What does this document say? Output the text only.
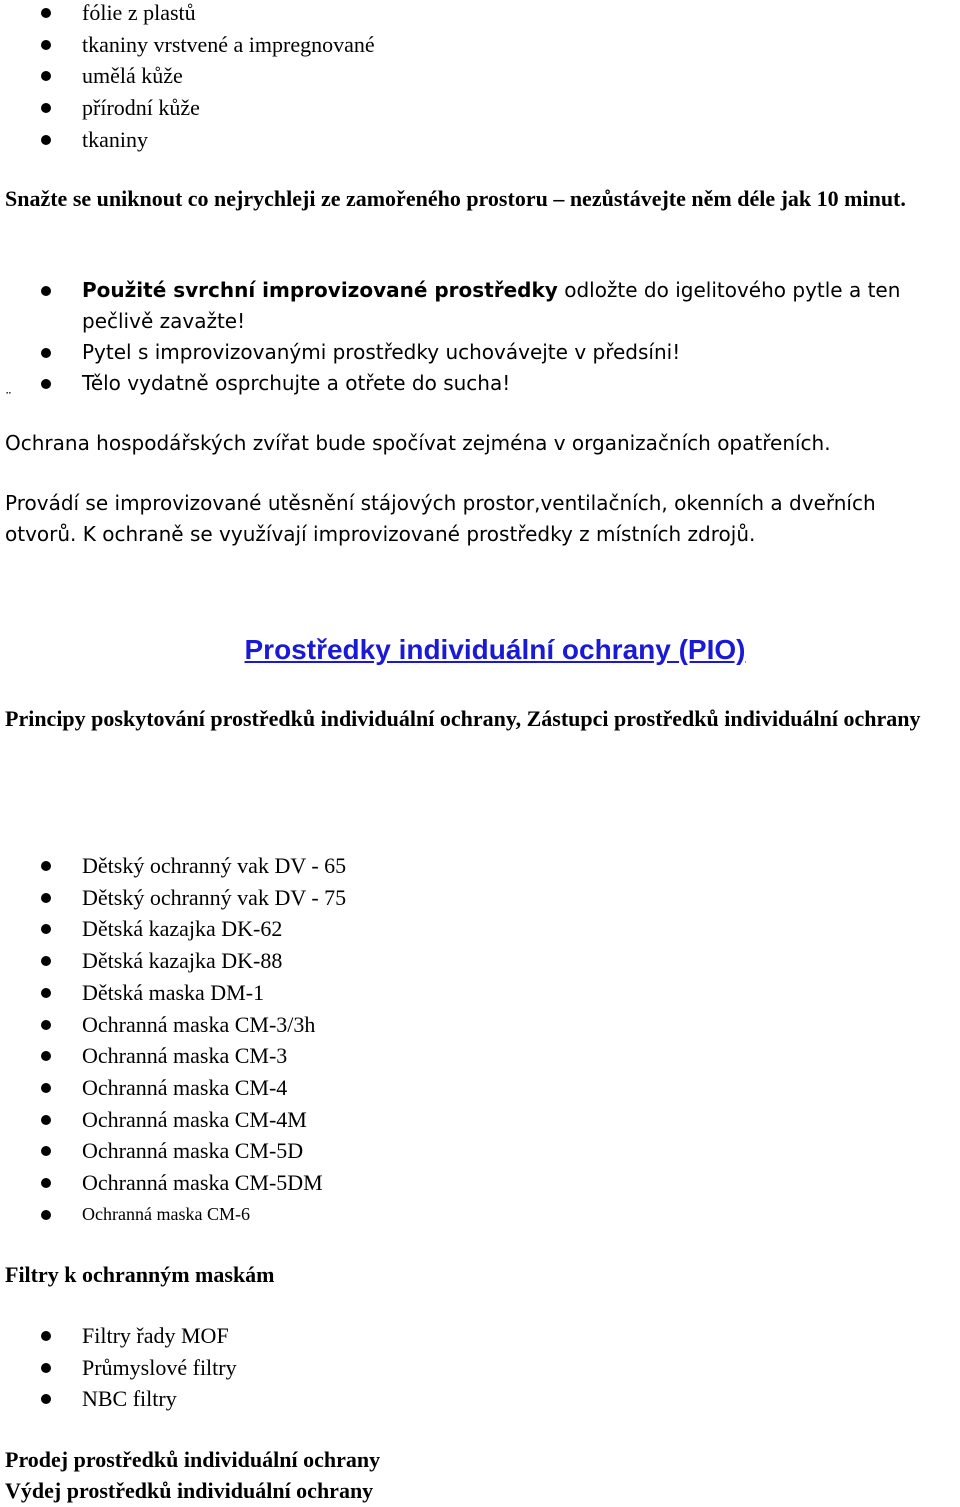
fólie z plastů
tkaniny vrstvené a impregnované
umělá kůže
přírodní kůže
tkaniny

Snažte se uniknout co nejrychleji ze zamořeného prostoru – nezůstávejte něm déle jak 10 minut.

Použité svrchní improvizované prostředky odložte do igelitového pytle a ten pečlivě zavažte!
Pytel s improvizovanými prostředky uchovávejte v předsíni!
Tělo vydatně osprchujte a otřete do sucha!
¨

Ochrana hospodářských zvířat bude spočívat zejména v organizačních opatřeních.

Provádí se improvizované utěsnění stájových prostor,ventilačních, okenních a dveřních otvorů. K ochraně se využívají improvizované prostředky z místních zdrojů.

Prostředky individuální ochrany (PIO)

Principy poskytování prostředků individuální ochrany, Zástupci prostředků individuální ochrany

Dětský ochranný vak DV - 65
Dětský ochranný vak DV - 75
Dětská kazajka DK-62
Dětská kazajka DK-88
Dětská maska DM-1
Ochranná maska CM-3/3h
Ochranná maska CM-3
Ochranná maska CM-4
Ochranná maska CM-4M
Ochranná maska CM-5D
Ochranná maska CM-5DM
Ochranná maska CM-6

Filtry k ochranným maskám

Filtry řady MOF
Průmyslové filtry
NBC filtry

Prodej prostředků individuální ochrany

Výdej prostředků individuální ochrany
